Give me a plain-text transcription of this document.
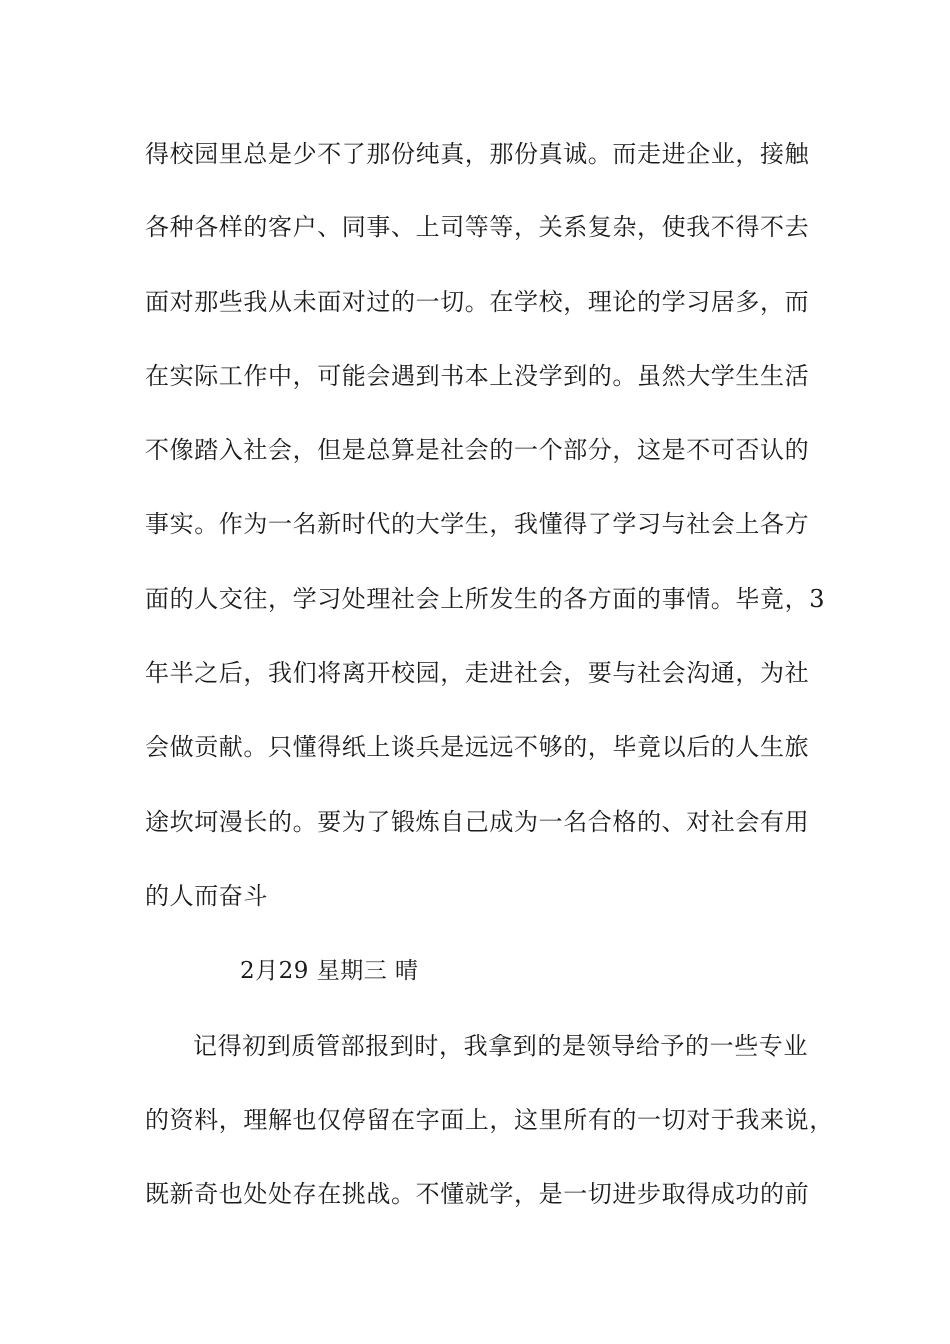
得校园里总是少不了那份纯真，那份真诚。而走进企业，接触
各种各样的客户、同事、上司等等，关系复杂，使我不得不去
面对那些我从未面对过的一切。在学校，理论的学习居多，而
在实际工作中，可能会遇到书本上没学到的。虽然大学生生活
不像踏入社会，但是总算是社会的一个部分，这是不可否认的
事实。作为一名新时代的大学生，我懂得了学习与社会上各方
面的人交往，学习处理社会上所发生的各方面的事情。毕竟，3
年半之后，我们将离开校园，走进社会，要与社会沟通，为社
会做贡献。只懂得纸上谈兵是远远不够的，毕竟以后的人生旅
途坎坷漫长的。要为了锻炼自己成为一名合格的、对社会有用
的人而奋斗
2月29 星期三 晴
记得初到质管部报到时，我拿到的是领导给予的一些专业
的资料，理解也仅停留在字面上，这里所有的一切对于我来说，
既新奇也处处存在挑战。不懂就学，是一切进步取得成功的前
